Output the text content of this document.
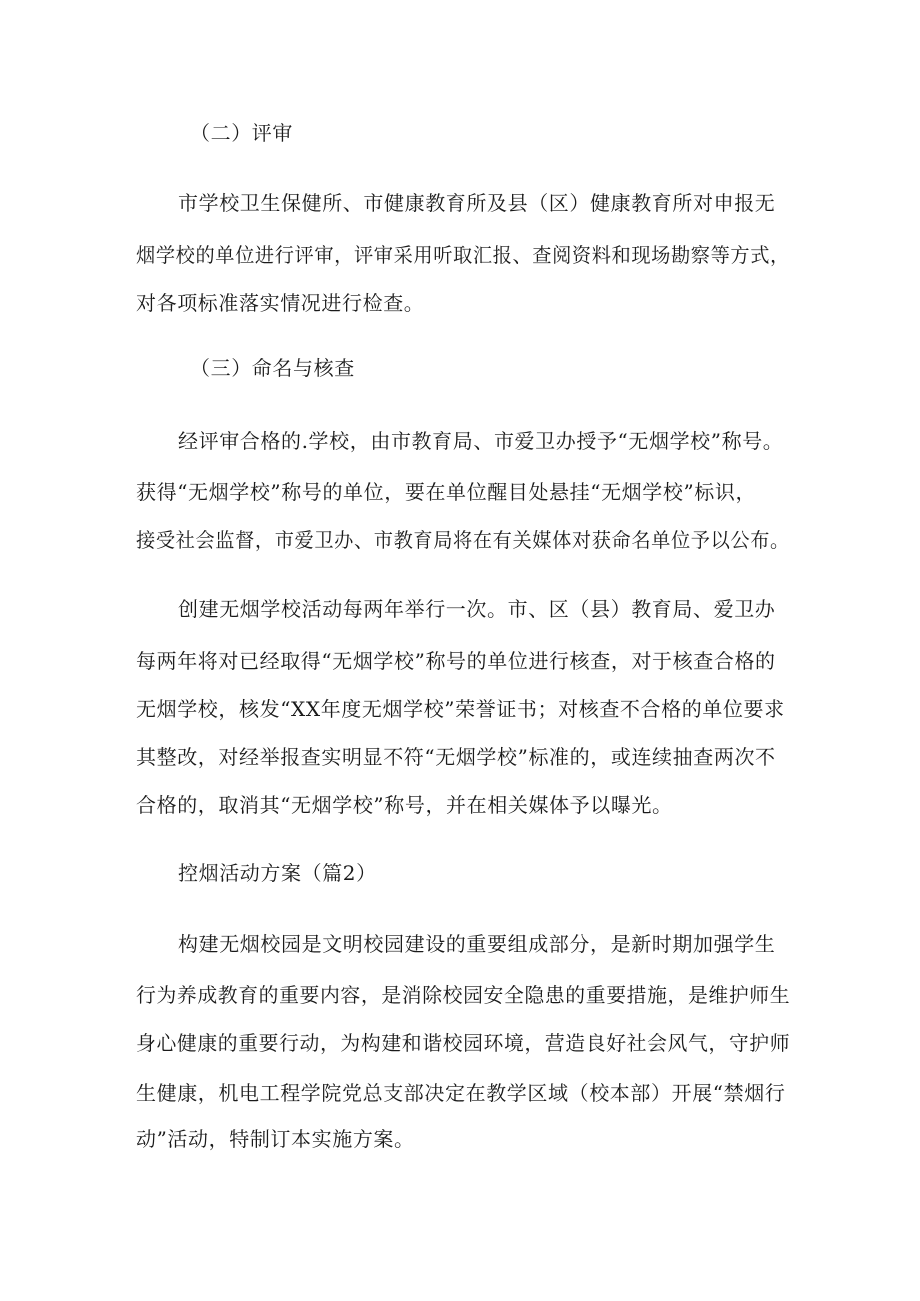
（二）评审
市学校卫生保健所、市健康教育所及县（区）健康教育所对申报无
烟学校的单位进行评审，评审采用听取汇报、查阅资料和现场勘察等方式，
对各项标准落实情况进行检查。
（三）命名与核查
经评审合格的.学校，由市教育局、市爱卫办授予“无烟学校”称号。
获得“无烟学校”称号的单位，要在单位醒目处悬挂“无烟学校”标识，
接受社会监督，市爱卫办、市教育局将在有关媒体对获命名单位予以公布。
创建无烟学校活动每两年举行一次。市、区（县）教育局、爱卫办
每两年将对已经取得“无烟学校”称号的单位进行核查，对于核查合格的
无烟学校，核发“XX年度无烟学校”荣誉证书；对核查不合格的单位要求
其整改，对经举报查实明显不符“无烟学校”标准的，或连续抽查两次不
合格的，取消其“无烟学校”称号，并在相关媒体予以曝光。
控烟活动方案（篇2）
构建无烟校园是文明校园建设的重要组成部分，是新时期加强学生
行为养成教育的重要内容，是消除校园安全隐患的重要措施，是维护师生
身心健康的重要行动，为构建和谐校园环境，营造良好社会风气，守护师
生健康，机电工程学院党总支部决定在教学区域（校本部）开展“禁烟行
动”活动，特制订本实施方案。
